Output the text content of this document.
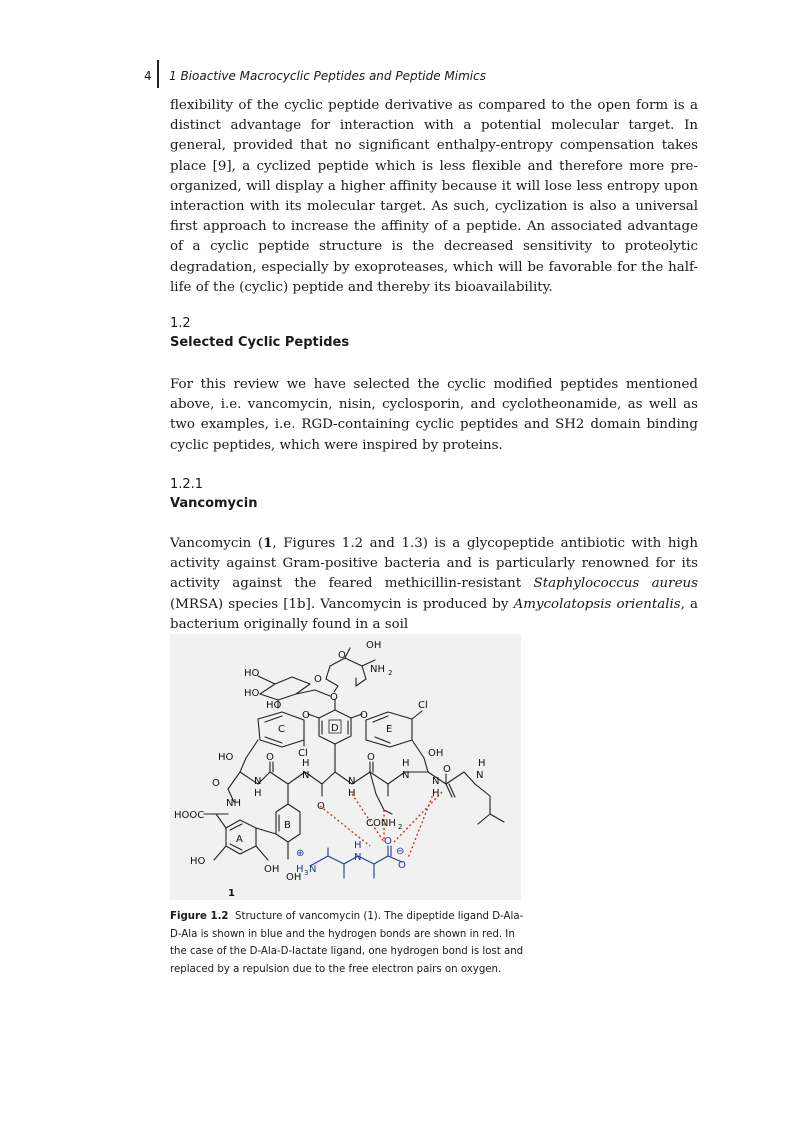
4 1 Bioactive Macrocyclic Peptides and Peptide Mimics

flexibility of the cyclic peptide derivative as compared to the open form is a distinct advantage for interaction with a potential molecular target. In general, provided that no significant enthalpy-entropy compensation takes place [9], a cyclized peptide which is less flexible and therefore more pre-organized, will display a higher affinity because it will lose less entropy upon interaction with its molecular target. As such, cyclization is also a universal first approach to increase the affinity of a peptide. An associated advantage of a cyclic peptide structure is the decreased sensitivity to proteolytic degradation, especially by exoproteases, which will be favorable for the half-life of the (cyclic) peptide and thereby its bioavailability.

1.2
Selected Cyclic Peptides

For this review we have selected the cyclic modified peptides mentioned above, i.e. vancomycin, nisin, cyclosporin, and cyclotheonamide, as well as two examples, i.e. RGD-containing cyclic peptides and SH2 domain binding cyclic peptides, which were inspired by proteins.

1.2.1
Vancomycin

Vancomycin (1, Figures 1.2 and 1.3) is a glycopeptide antibiotic with high activity against Gram-positive bacteria and is particularly renowned for its activity against the feared methicillin-resistant Staphylococcus aureus (MRSA) species [1b]. Vancomycin is produced by Amycolatopsis orientalis, a bacterium originally found in a soil

OH
NH 2
HO
HO
HO
O
O
O
O	O
Cl
Cl
HO	OH
O
O
O
O
O
NH
HOOC
HO
OH
OH
N
H
N
H
N
H
N
H
N
H
N
H
CONH 2
D
C	E
B
A
⊕
H 3 N
N
H O
O
⊖
1

Figure 1.2 Structure of vancomycin (1). The dipeptide ligand D-Ala-D-Ala is shown in blue and the hydrogen bonds are shown in red. In the case of the D-Ala-D-lactate ligand, one hydrogen bond is lost and replaced by a repulsion due to the free electron pairs on oxygen.
